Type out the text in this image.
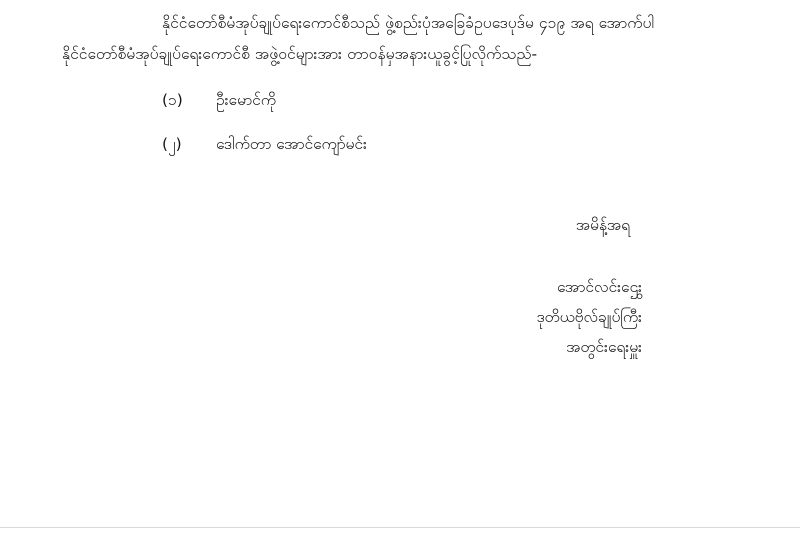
နိုင်ငံတော်စီမံအုပ်ချုပ်ရေးကောင်စီသည် ဖွဲ့စည်းပုံအခြေခံဥပဒေပုဒ်မ ၄၁၉ အရ အောက်ပါ
နိုင်ငံတော်စီမံအုပ်ချုပ်ရေးကောင်စီ အဖွဲ့ဝင်များအား တာဝန်မှအနားယူခွင့်ပြုလိုက်သည်-
(၁)	ဦးမောင်ကို
(၂)	ဒေါက်တာ အောင်ကျော်မင်း
အမိန့်အရ
အောင်လင်းဌွေး
ဒုတိယဗိုလ်ချုပ်ကြီး
အတွင်းရေးမှူး
